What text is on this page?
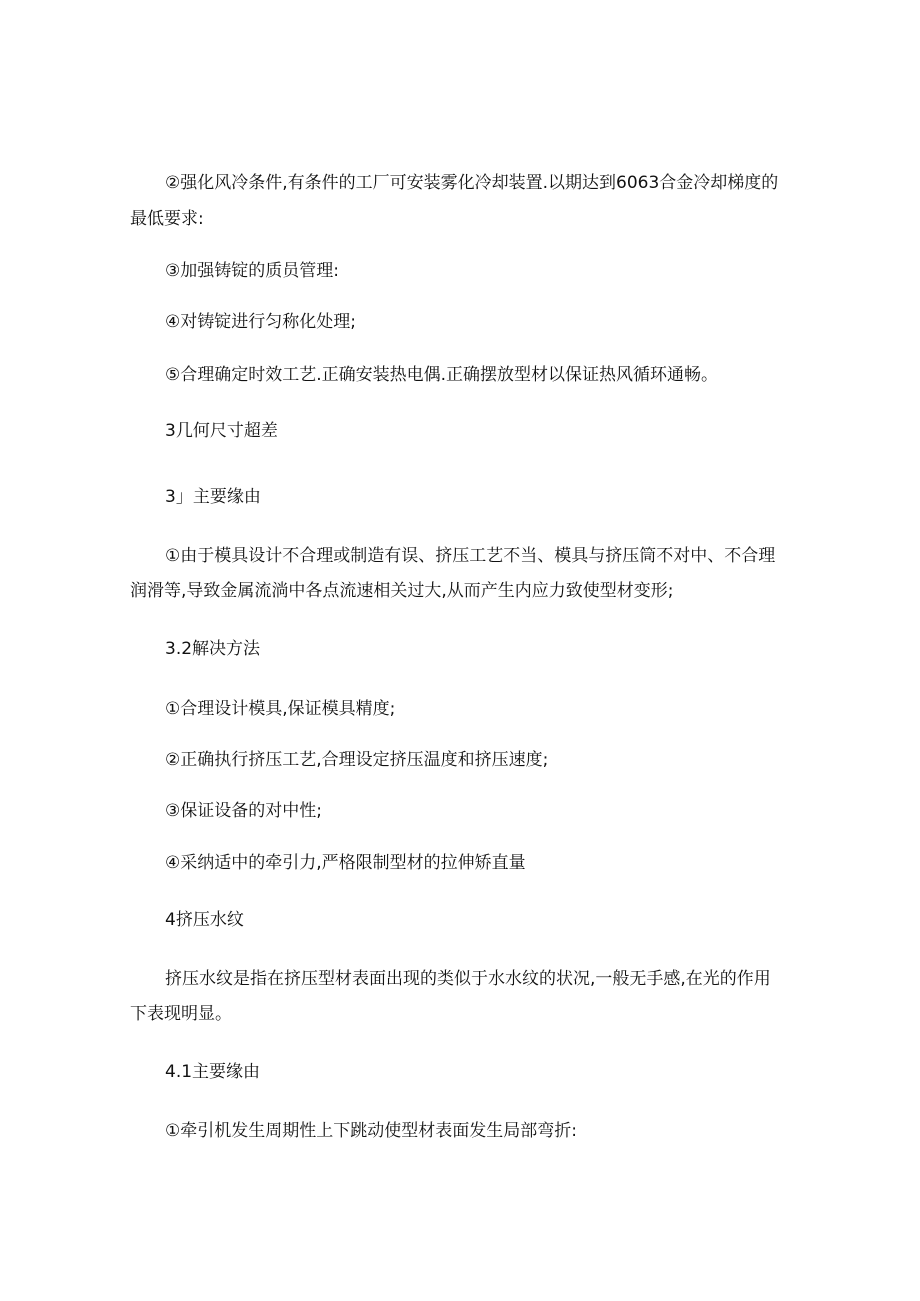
②强化风冷条件,有条件的工厂可安装雾化冷却装置.以期达到6063合金冷却梯度的
最低要求:
③加强铸锭的质员管理:
④对铸锭进行匀称化处理;
⑤合理确定时效工艺.正确安装热电偶.正确摆放型材以保证热风循环通畅。
3几何尺寸超差
3」主要缘由
①由于模具设计不合理或制造有误、挤压工艺不当、模具与挤压筒不对中、不合理
润滑等,导致金属流淌中各点流速相关过大,从而产生内应力致使型材变形;
3.2解决方法
①合理设计模具,保证模具精度;
②正确执行挤压工艺,合理设定挤压温度和挤压速度;
③保证设备的对中性;
④采纳适中的牵引力,严格限制型材的拉伸矫直量
4挤压水纹
挤压水纹是指在挤压型材表面出现的类似于水水纹的状况,一般无手感,在光的作用
下表现明显。
4.1主要缘由
①牵引机发生周期性上下跳动使型材表面发生局部弯折:
